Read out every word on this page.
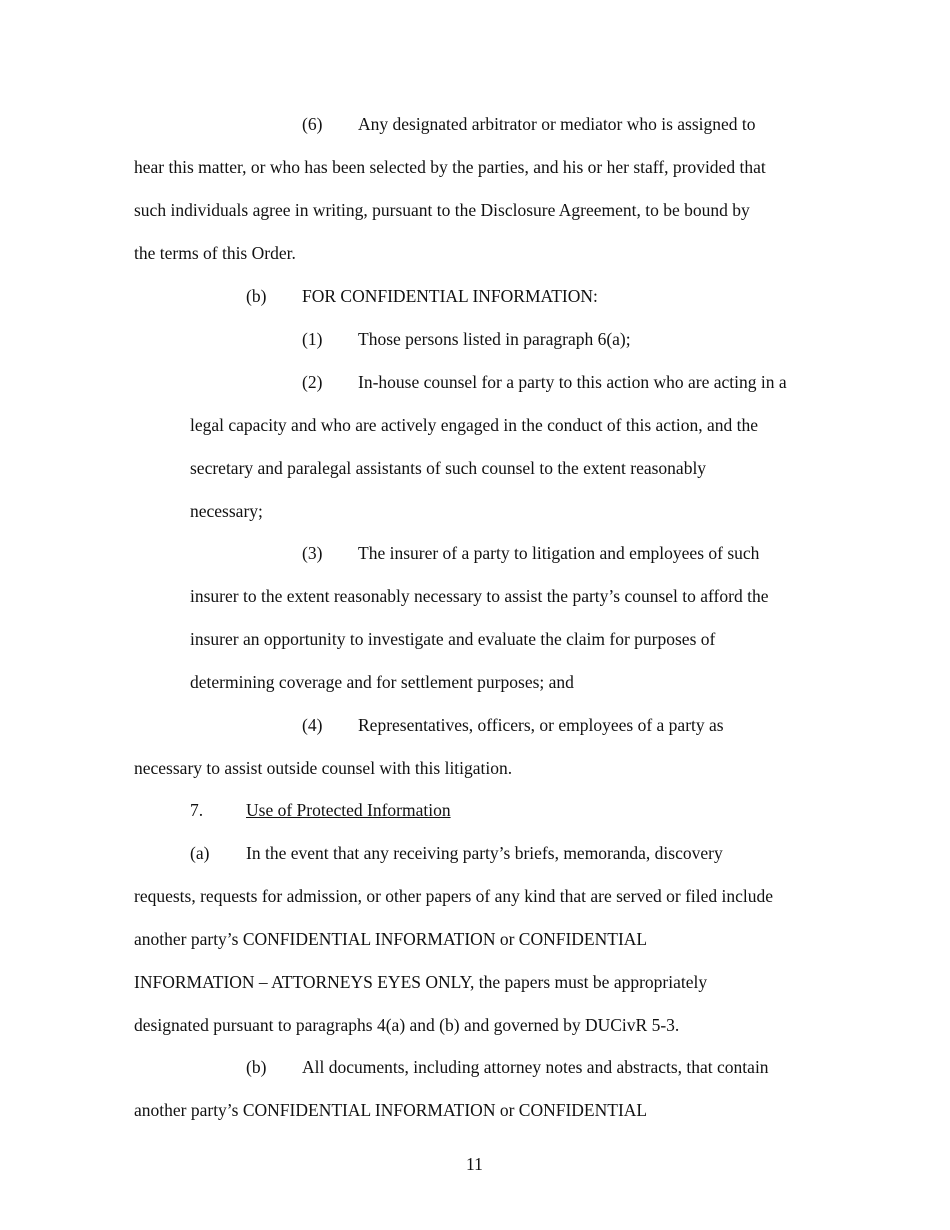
(6) Any designated arbitrator or mediator who is assigned to
hear this matter, or who has been selected by the parties, and his or her staff, provided that
such individuals agree in writing, pursuant to the Disclosure Agreement, to be bound by
the terms of this Order.
(b) FOR CONFIDENTIAL INFORMATION:
(1) Those persons listed in paragraph 6(a);
(2) In-house counsel for a party to this action who are acting in a
legal capacity and who are actively engaged in the conduct of this action, and the
secretary and paralegal assistants of such counsel to the extent reasonably
necessary;
(3) The insurer of a party to litigation and employees of such
insurer to the extent reasonably necessary to assist the party’s counsel to afford the
insurer an opportunity to investigate and evaluate the claim for purposes of
determining coverage and for settlement purposes; and
(4) Representatives, officers, or employees of a party as
necessary to assist outside counsel with this litigation.
7. Use of Protected Information
(a) In the event that any receiving party’s briefs, memoranda, discovery
requests, requests for admission, or other papers of any kind that are served or filed include
another party’s CONFIDENTIAL INFORMATION or CONFIDENTIAL
INFORMATION – ATTORNEYS EYES ONLY, the papers must be appropriately
designated pursuant to paragraphs 4(a) and (b) and governed by DUCivR 5-3.
(b) All documents, including attorney notes and abstracts, that contain
another party’s CONFIDENTIAL INFORMATION or CONFIDENTIAL
11
